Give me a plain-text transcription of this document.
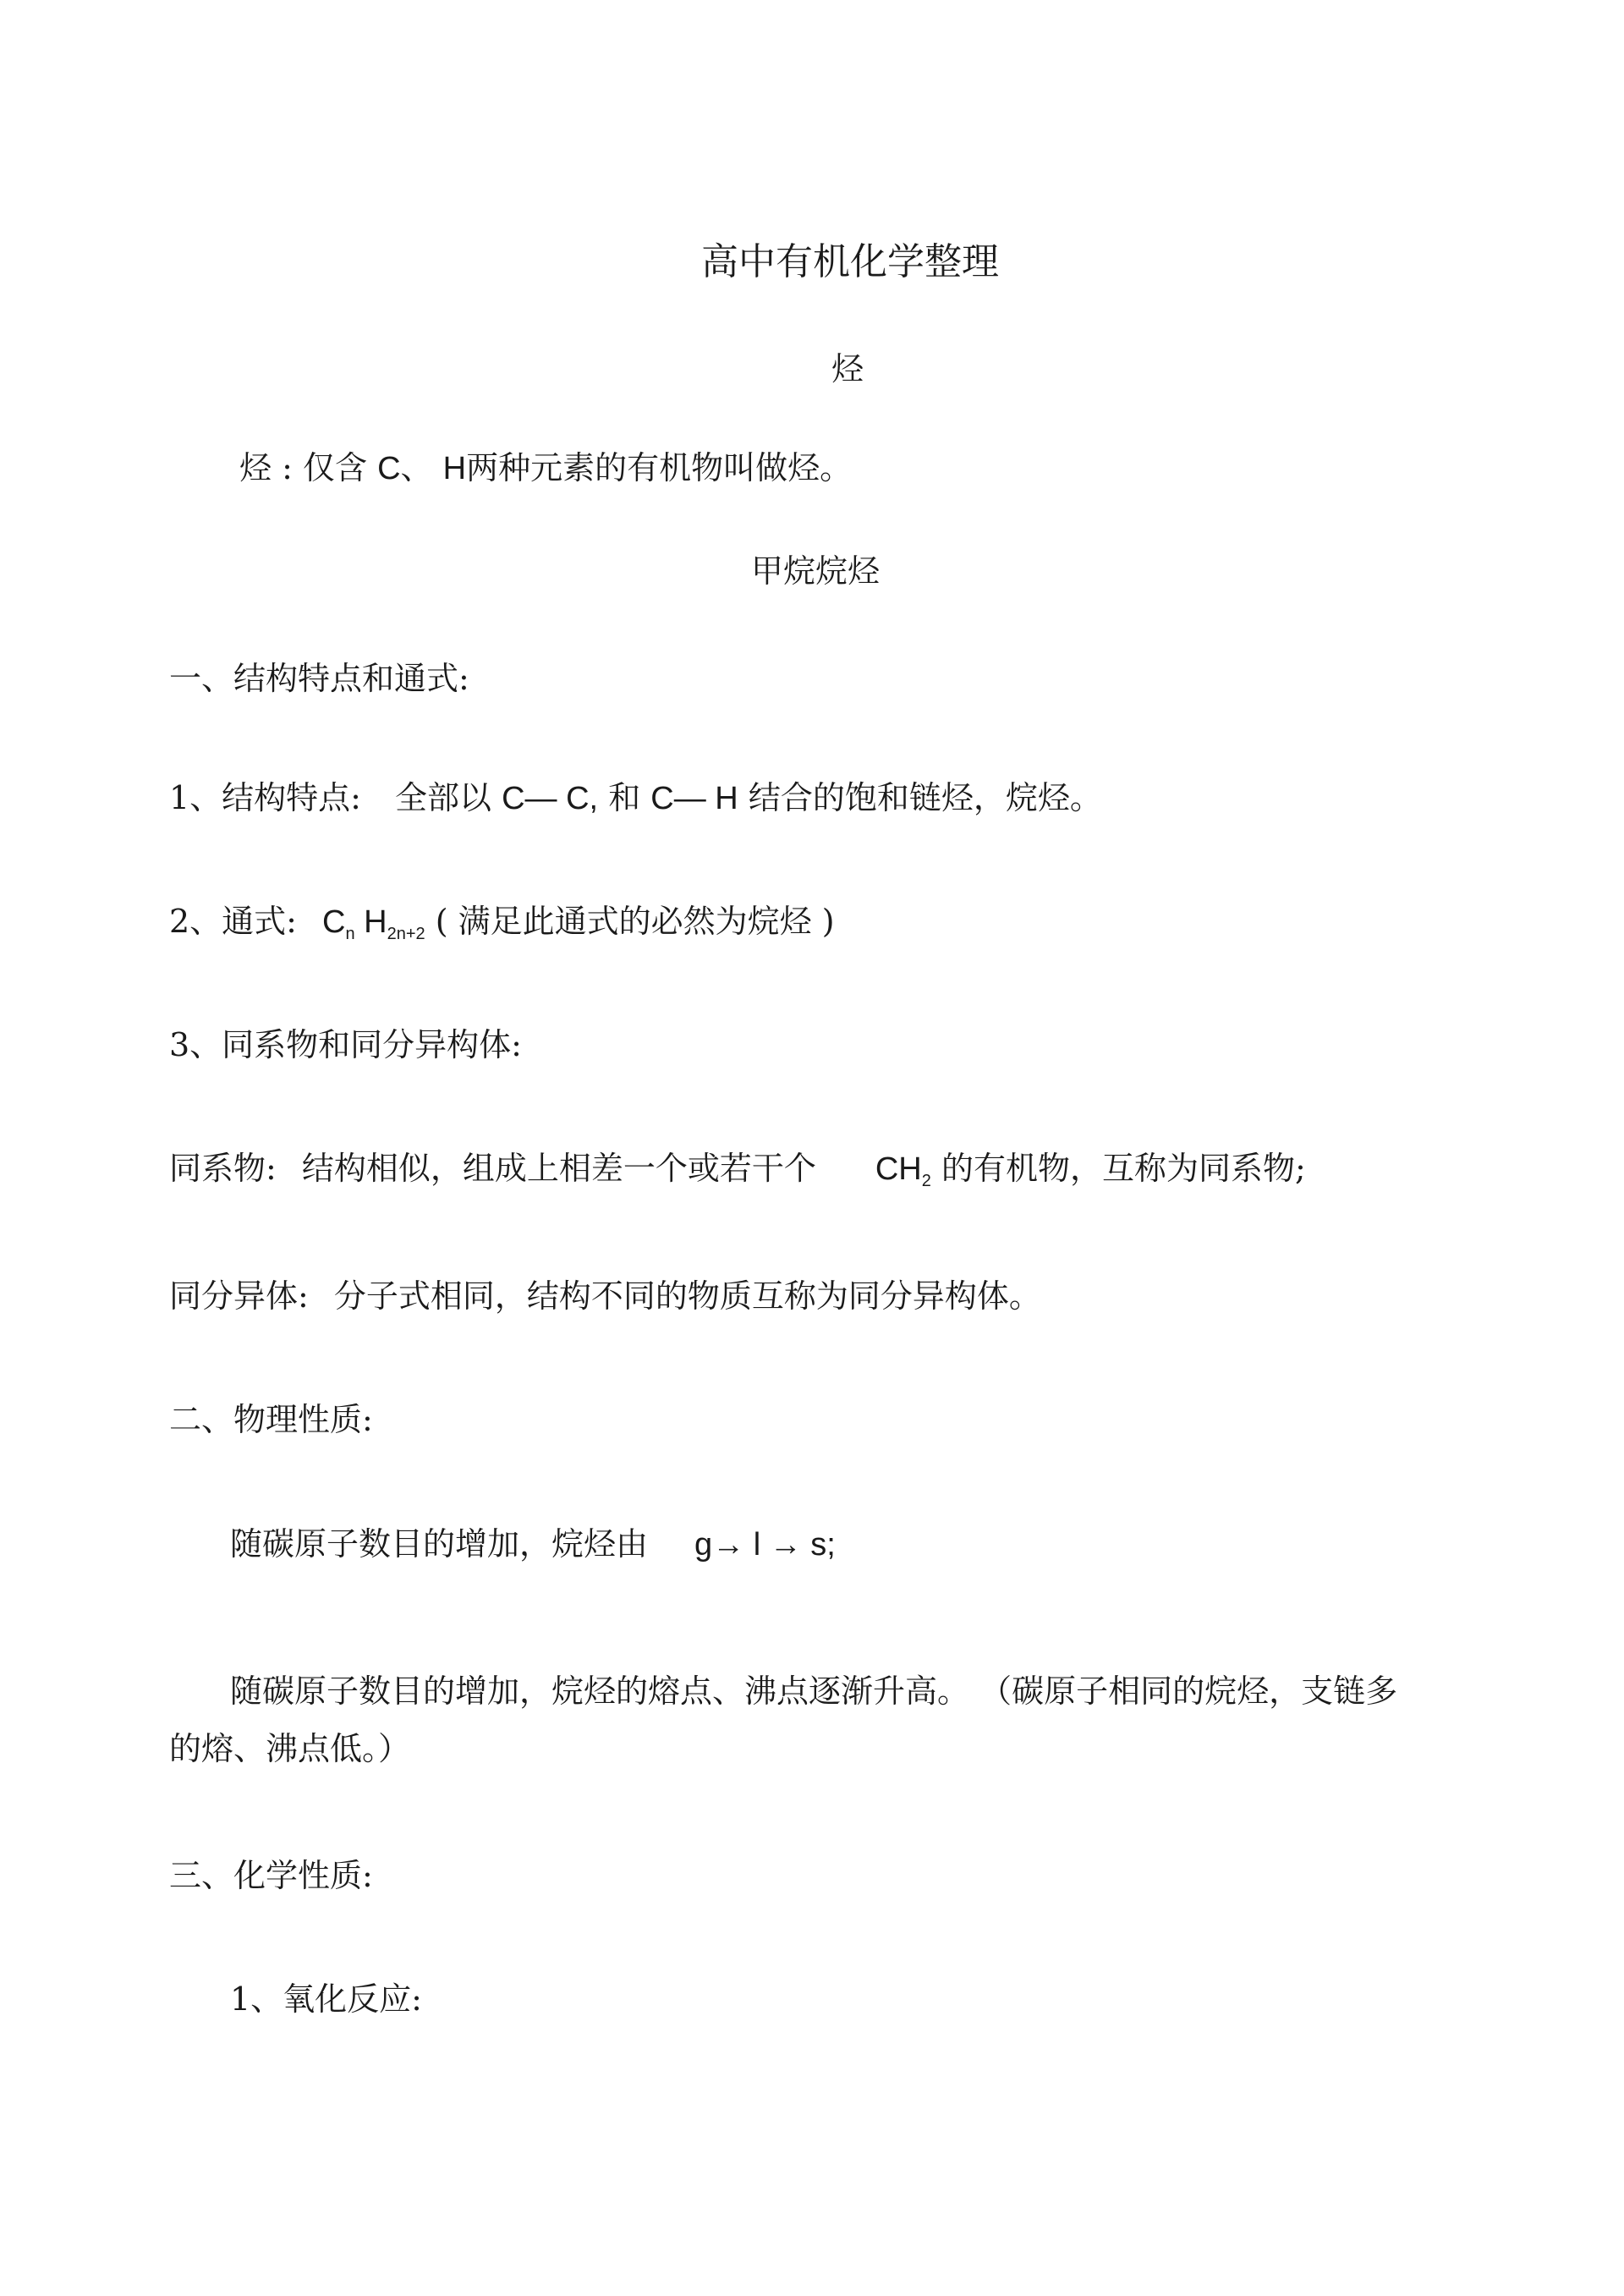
高中有机化学整理
烃
烃 : 仅含 C、 H两种元素的有机物叫做烃。
甲烷烷烃
一、结构特点和通式:
1、结构特点: 全部以 C— C, 和 C— H 结合的饱和链烃，烷烃。
2、通式: $C_n$ $H_{2n+2}$ ( 满足此通式的必然为烷烃 )
3、同系物和同分异构体:
同系物: 结构相似，组成上相差一个或若干个 $CH_2$ 的有机物，互称为同系物;
同分异体: 分子式相同，结构不同的物质互称为同分异构体。
二、物理性质:
随碳原子数目的增加，烷烃由 g→ l → s;
随碳原子数目的增加，烷烃的熔点、沸点逐渐升高。 （碳原子相同的烷烃，支链多
的熔、沸点低。）
三、化学性质:
1、氧化反应:
